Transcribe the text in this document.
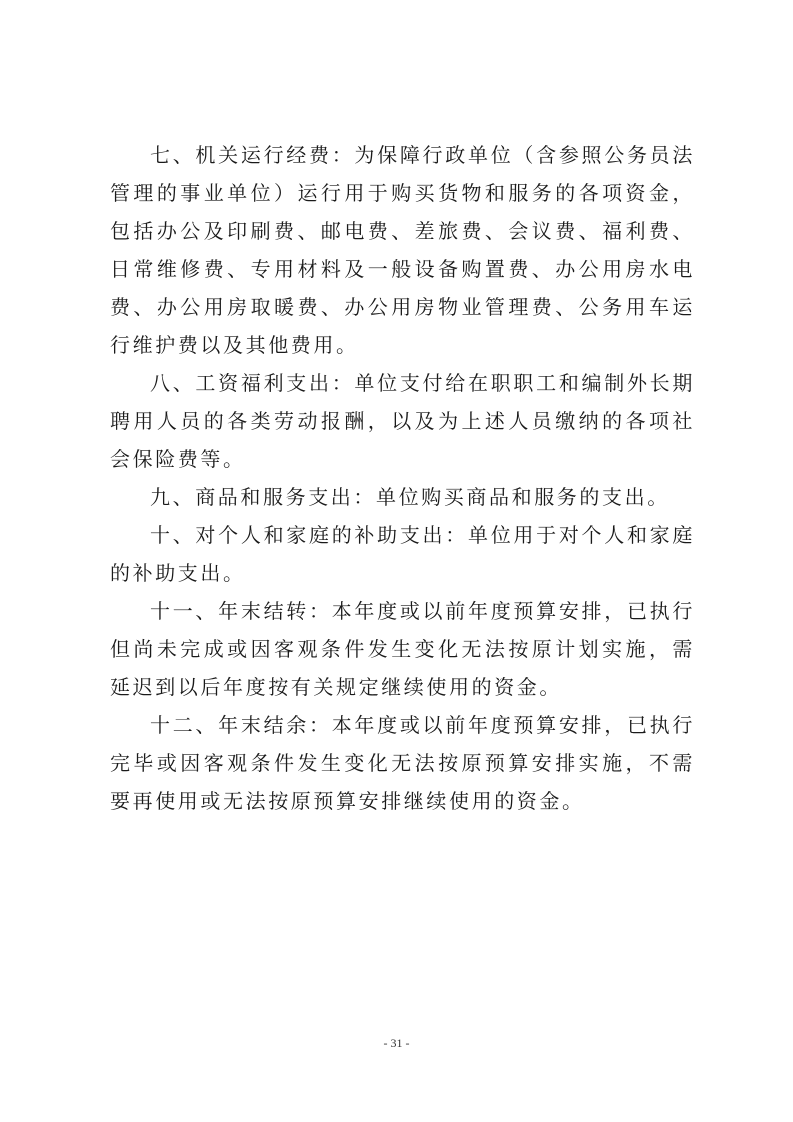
七、机关运行经费：为保障行政单位（含参照公务员法管理的事业单位）运行用于购买货物和服务的各项资金，包括办公及印刷费、邮电费、差旅费、会议费、福利费、日常维修费、专用材料及一般设备购置费、办公用房水电费、办公用房取暖费、办公用房物业管理费、公务用车运行维护费以及其他费用。

八、工资福利支出：单位支付给在职职工和编制外长期聘用人员的各类劳动报酬，以及为上述人员缴纳的各项社会保险费等。

九、商品和服务支出：单位购买商品和服务的支出。

十、对个人和家庭的补助支出：单位用于对个人和家庭的补助支出。

十一、年末结转：本年度或以前年度预算安排，已执行但尚未完成或因客观条件发生变化无法按原计划实施，需延迟到以后年度按有关规定继续使用的资金。

十二、年末结余：本年度或以前年度预算安排，已执行完毕或因客观条件发生变化无法按原预算安排实施，不需要再使用或无法按原预算安排继续使用的资金。

- 31 -
